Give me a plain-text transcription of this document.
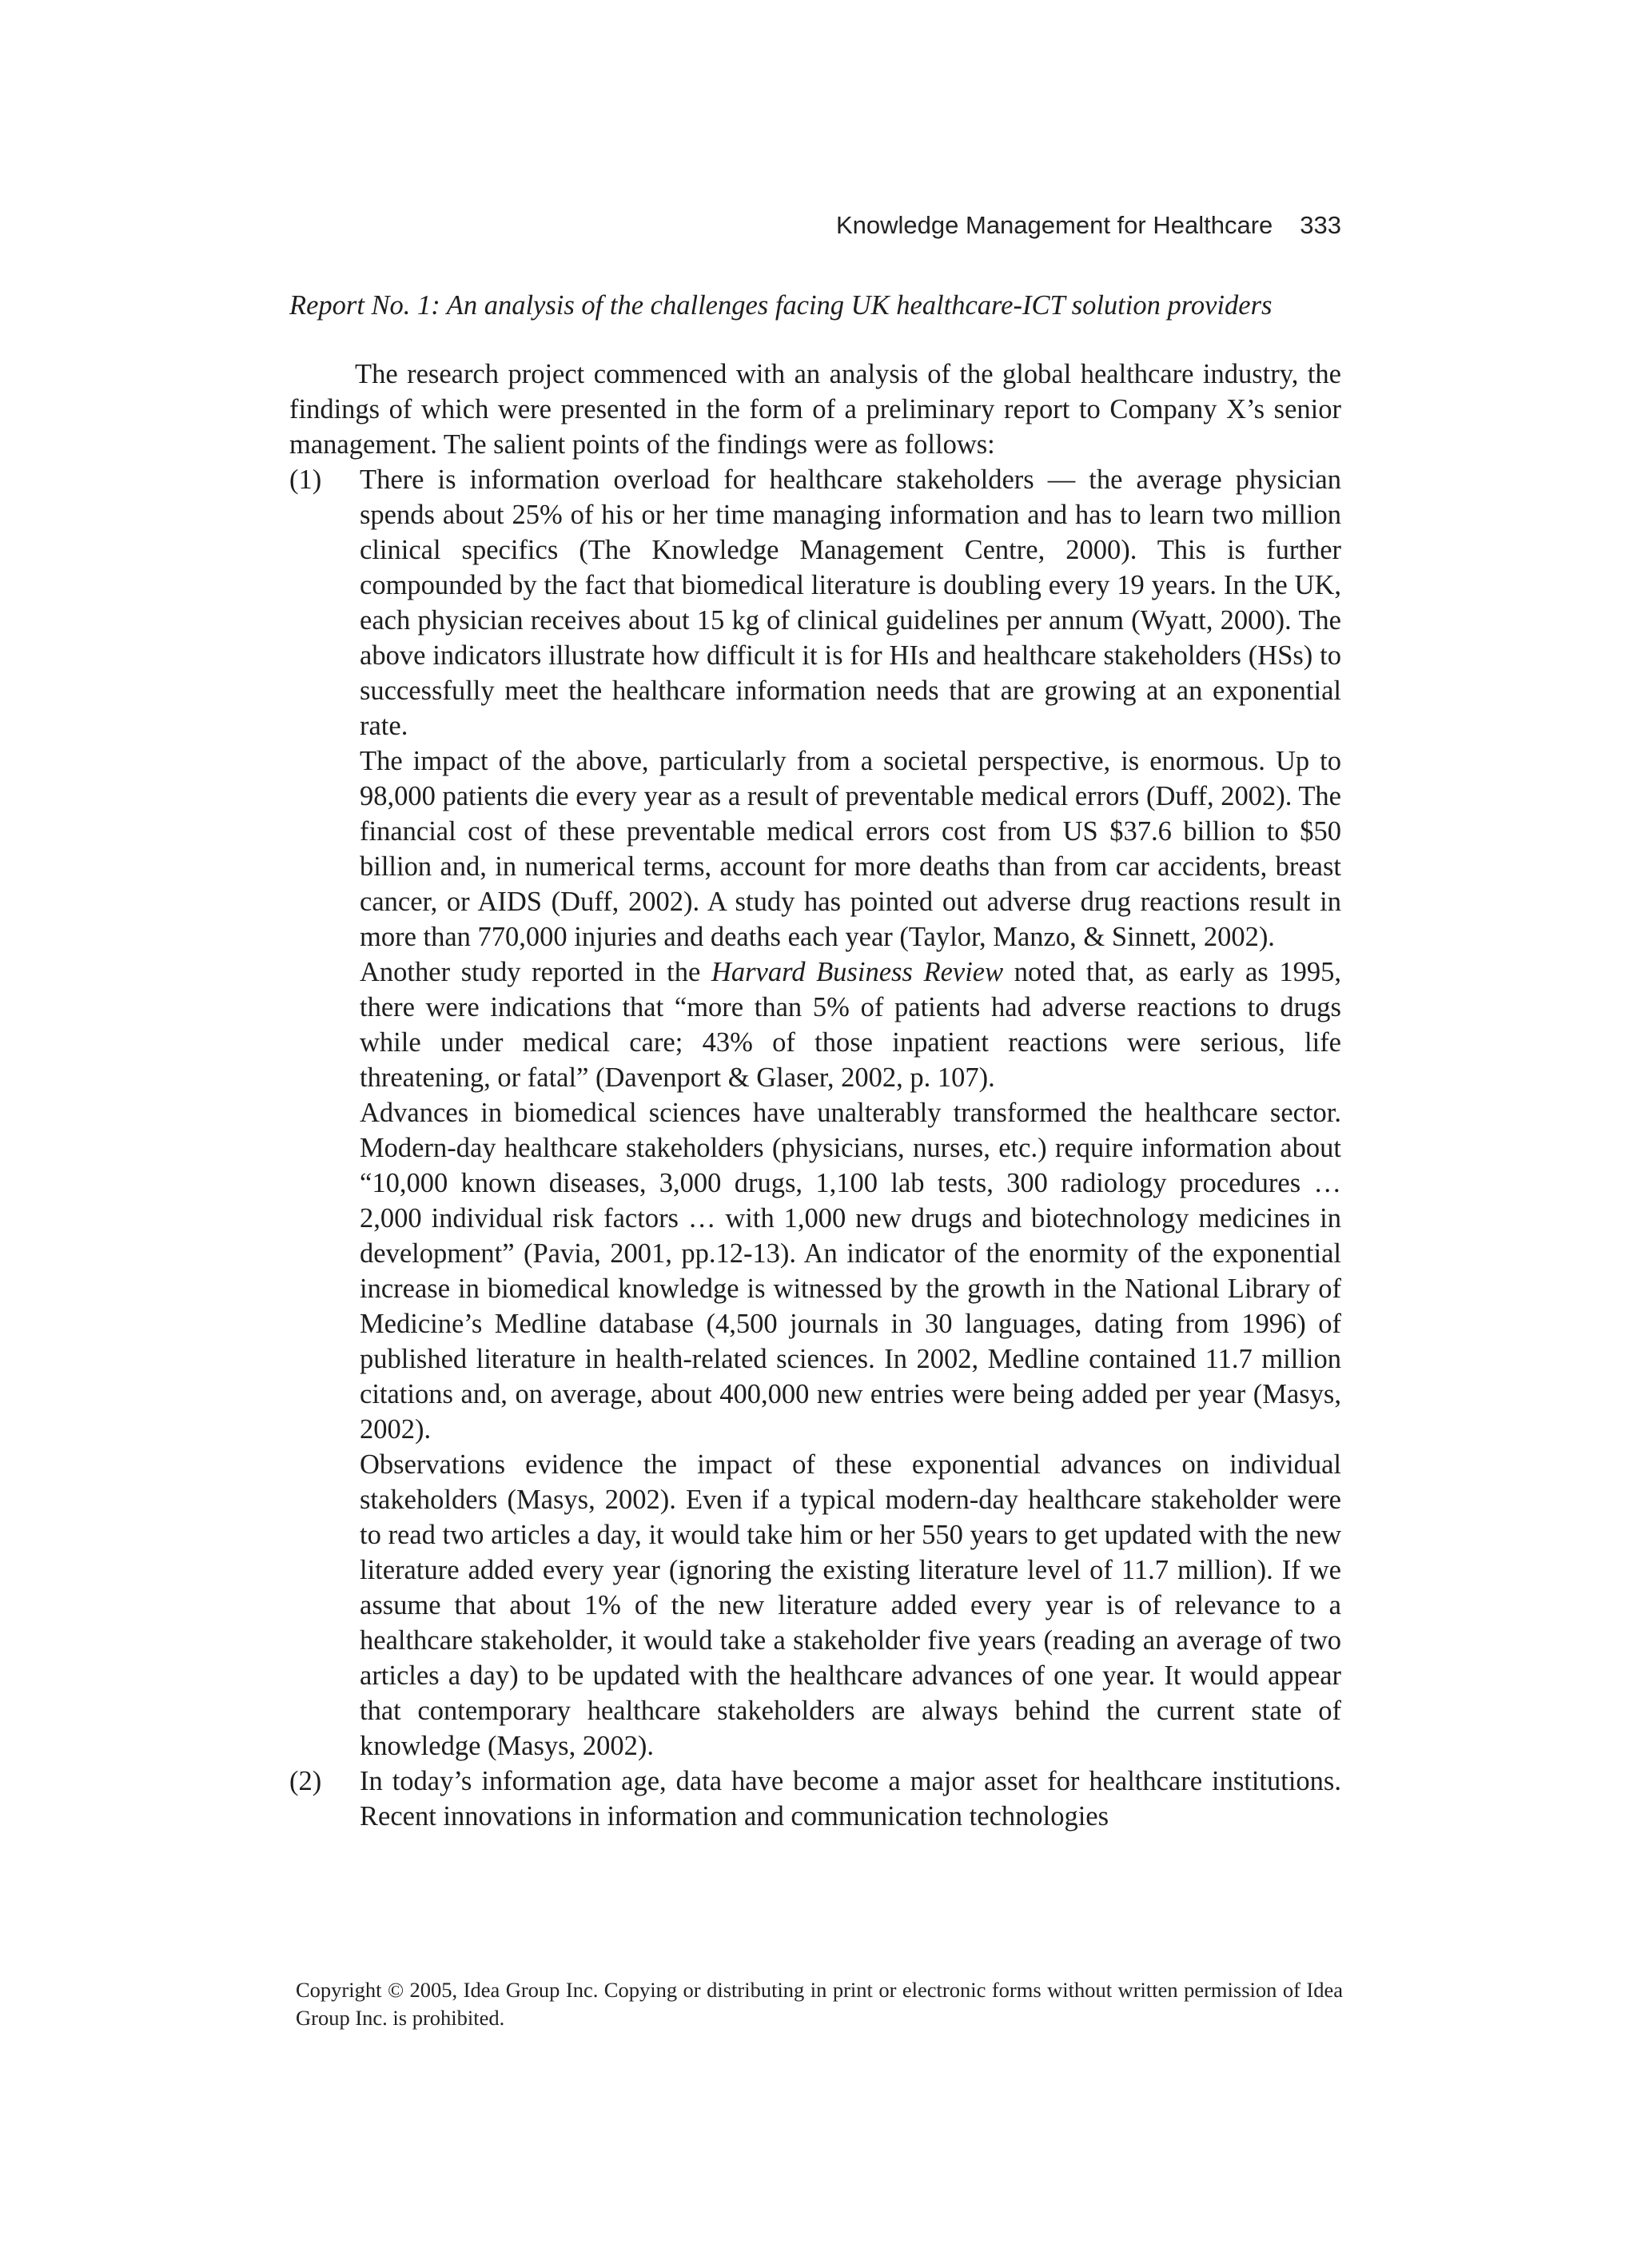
Knowledge Management for Healthcare 333

Report No. 1: An analysis of the challenges facing UK healthcare-ICT solution providers

The research project commenced with an analysis of the global healthcare industry, the findings of which were presented in the form of a preliminary report to Company X’s senior management. The salient points of the findings were as follows:

(1)	There is information overload for healthcare stakeholders — the average physician spends about 25% of his or her time managing information and has to learn two million clinical specifics (The Knowledge Management Centre, 2000). This is further compounded by the fact that biomedical literature is doubling every 19 years. In the UK, each physician receives about 15 kg of clinical guidelines per annum (Wyatt, 2000). The above indicators illustrate how difficult it is for HIs and healthcare stakeholders (HSs) to successfully meet the healthcare information needs that are growing at an exponential rate.

The impact of the above, particularly from a societal perspective, is enormous. Up to 98,000 patients die every year as a result of preventable medical errors (Duff, 2002). The financial cost of these preventable medical errors cost from US $37.6 billion to $50 billion and, in numerical terms, account for more deaths than from car accidents, breast cancer, or AIDS (Duff, 2002). A study has pointed out adverse drug reactions result in more than 770,000 injuries and deaths each year (Taylor, Manzo, & Sinnett, 2002).

Another study reported in the Harvard Business Review noted that, as early as 1995, there were indications that “more than 5% of patients had adverse reactions to drugs while under medical care; 43% of those inpatient reactions were serious, life threatening, or fatal” (Davenport & Glaser, 2002, p. 107).

Advances in biomedical sciences have unalterably transformed the healthcare sector. Modern-day healthcare stakeholders (physicians, nurses, etc.) require information about “10,000 known diseases, 3,000 drugs, 1,100 lab tests, 300 radiology procedures … 2,000 individual risk factors … with 1,000 new drugs and biotechnology medicines in development” (Pavia, 2001, pp.12-13). An indicator of the enormity of the exponential increase in biomedical knowledge is witnessed by the growth in the National Library of Medicine’s Medline database (4,500 journals in 30 languages, dating from 1996) of published literature in health-related sciences. In 2002, Medline contained 11.7 million citations and, on average, about 400,000 new entries were being added per year (Masys, 2002).

Observations evidence the impact of these exponential advances on individual stakeholders (Masys, 2002). Even if a typical modern-day healthcare stakeholder were to read two articles a day, it would take him or her 550 years to get updated with the new literature added every year (ignoring the existing literature level of 11.7 million). If we assume that about 1% of the new literature added every year is of relevance to a healthcare stakeholder, it would take a stakeholder five years (reading an average of two articles a day) to be updated with the healthcare advances of one year. It would appear that contemporary healthcare stakeholders are always behind the current state of knowledge (Masys, 2002).

(2)	In today’s information age, data have become a major asset for healthcare institutions. Recent innovations in information and communication technologies

Copyright © 2005, Idea Group Inc. Copying or distributing in print or electronic forms without written permission of Idea Group Inc. is prohibited.
